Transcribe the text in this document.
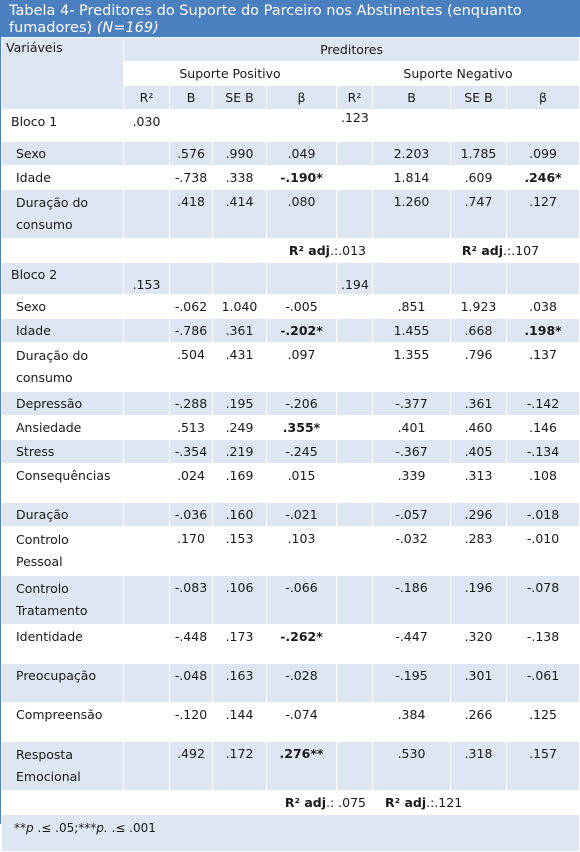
Tabela 4- Preditores do Suporte do Parceiro nos Abstinentes (enquanto fumadores) (N=169)
Variáveis	Preditores							
	Suporte Positivo				Suporte Negativo			
	R²	B	SE B	β	R²	B	SE B	β
Bloco 1	.030				.123			
Sexo		.576	.990	.049		2.203	1.785	.099
Idade		-.738	.338	-.190*		1.814	.609	.246*
Duração do consumo		.418	.414	.080		1.260	.747	.127
			R² adj.:.013			R² adj.:.107		
Bloco 2	.153				.194			
Sexo		-.062	1.040	-.005		.851	1.923	.038
Idade		-.786	.361	-.202*		1.455	.668	.198*
Duração do consumo		.504	.431	.097		1.355	.796	.137
Depressão		-.288	.195	-.206		-.377	.361	-.142
Ansiedade		.513	.249	.355*		.401	.460	.146
Stress		-.354	.219	-.245		-.367	.405	-.134
Consequências		.024	.169	.015		.339	.313	.108
Duração		-.036	.160	-.021		-.057	.296	-.018
Controlo Pessoal		.170	.153	.103		-.032	.283	-.010
Controlo Tratamento		-.083	.106	-.066		-.186	.196	-.078
Identidade		-.448	.173	-.262*		-.447	.320	-.138
Preocupação		-.048	.163	-.028		-.195	.301	-.061
Compreensão		-.120	.144	-.074		.384	.266	.125
Resposta Emocional		.492	.172	.276**		.530	.318	.157
			R² adj.: .075			R² adj.:.121		
**p .≤ .05;***p. .≤ .001								
